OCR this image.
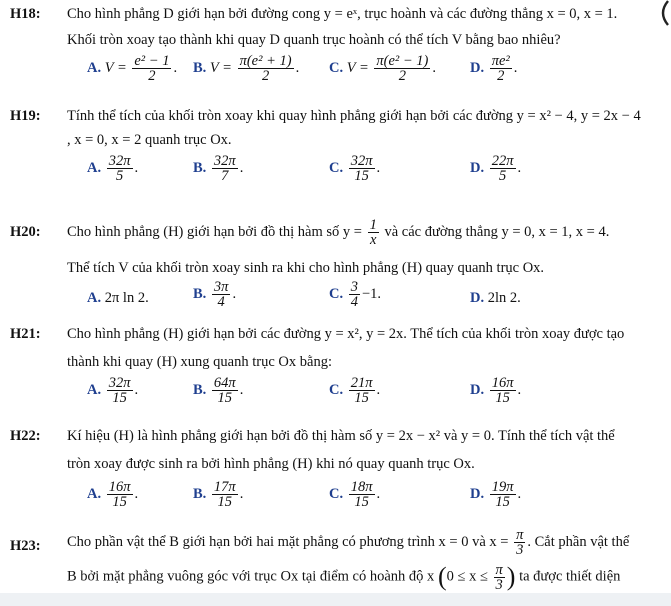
H18: Cho hình phẳng D giới hạn bởi đường cong y = eˣ, trục hoành và các đường thẳng x = 0, x = 1.
Khối tròn xoay tạo thành khi quay D quanh trục hoành có thể tích V bằng bao nhiêu?
A. $V = \frac{\text{e² − 1}}{2}$ . B. $V = \frac{\text{π(e² + 1)}}{2}$ . C. $V = \frac{\text{π(e² − 1)}}{2}$ . D. $\frac{\text{πe²}}{2}$ .
H19: Tính thể tích của khối tròn xoay khi quay hình phẳng giới hạn bởi các đường y = x² − 4, y = 2x − 4
, x = 0, x = 2 quanh trục Ox.
A. $\frac{32\pi}{5}$ .	B. $\frac{32\pi}{7}$ .	C. $\frac{32\pi}{15}$ .	D. $\frac{22\pi}{5}$ .
H20: Cho hình phẳng (H) giới hạn bởi đồ thị hàm số $y = \frac{1}{x}$ và các đường thẳng y = 0, x = 1, x = 4.
Thể tích V của khối tròn xoay sinh ra khi cho hình phẳng (H) quay quanh trục Ox.
A. 2π ln 2.	B. $\frac{3\pi}{4}$ .	C. $\frac{3}{4} -1$.	D. 2ln 2.
H21: Cho hình phẳng (H) giới hạn bởi các đường y = x², y = 2x. Thể tích của khối tròn xoay được tạo
thành khi quay (H) xung quanh trục Ox bằng:
A. $\frac{32\pi}{15}$ .	B. $\frac{64\pi}{15}$ .	C. $\frac{21\pi}{15}$ .	D. $\frac{16\pi}{15}$ .
H22: Kí hiệu (H) là hình phẳng giới hạn bởi đồ thị hàm số y = 2x − x² và y = 0. Tính thể tích vật thể
tròn xoay được sinh ra bởi hình phẳng (H) khi nó quay quanh trục Ox.
A. $\frac{16\pi}{15}$ .	B. $\frac{17\pi}{15}$ .	C. $\frac{18\pi}{15}$ .	D. $\frac{19\pi}{15}$ .
H23: Cho phần vật thể B giới hạn bởi hai mặt phẳng có phương trình x = 0 và $x = \frac{\pi}{3}$ . Cắt phần vật thể
B bởi mặt phẳng vuông góc với trục Ox tại điểm có hoành độ x ($0 \le x \le \frac{\pi}{3}$ ) ta được thiết diện
